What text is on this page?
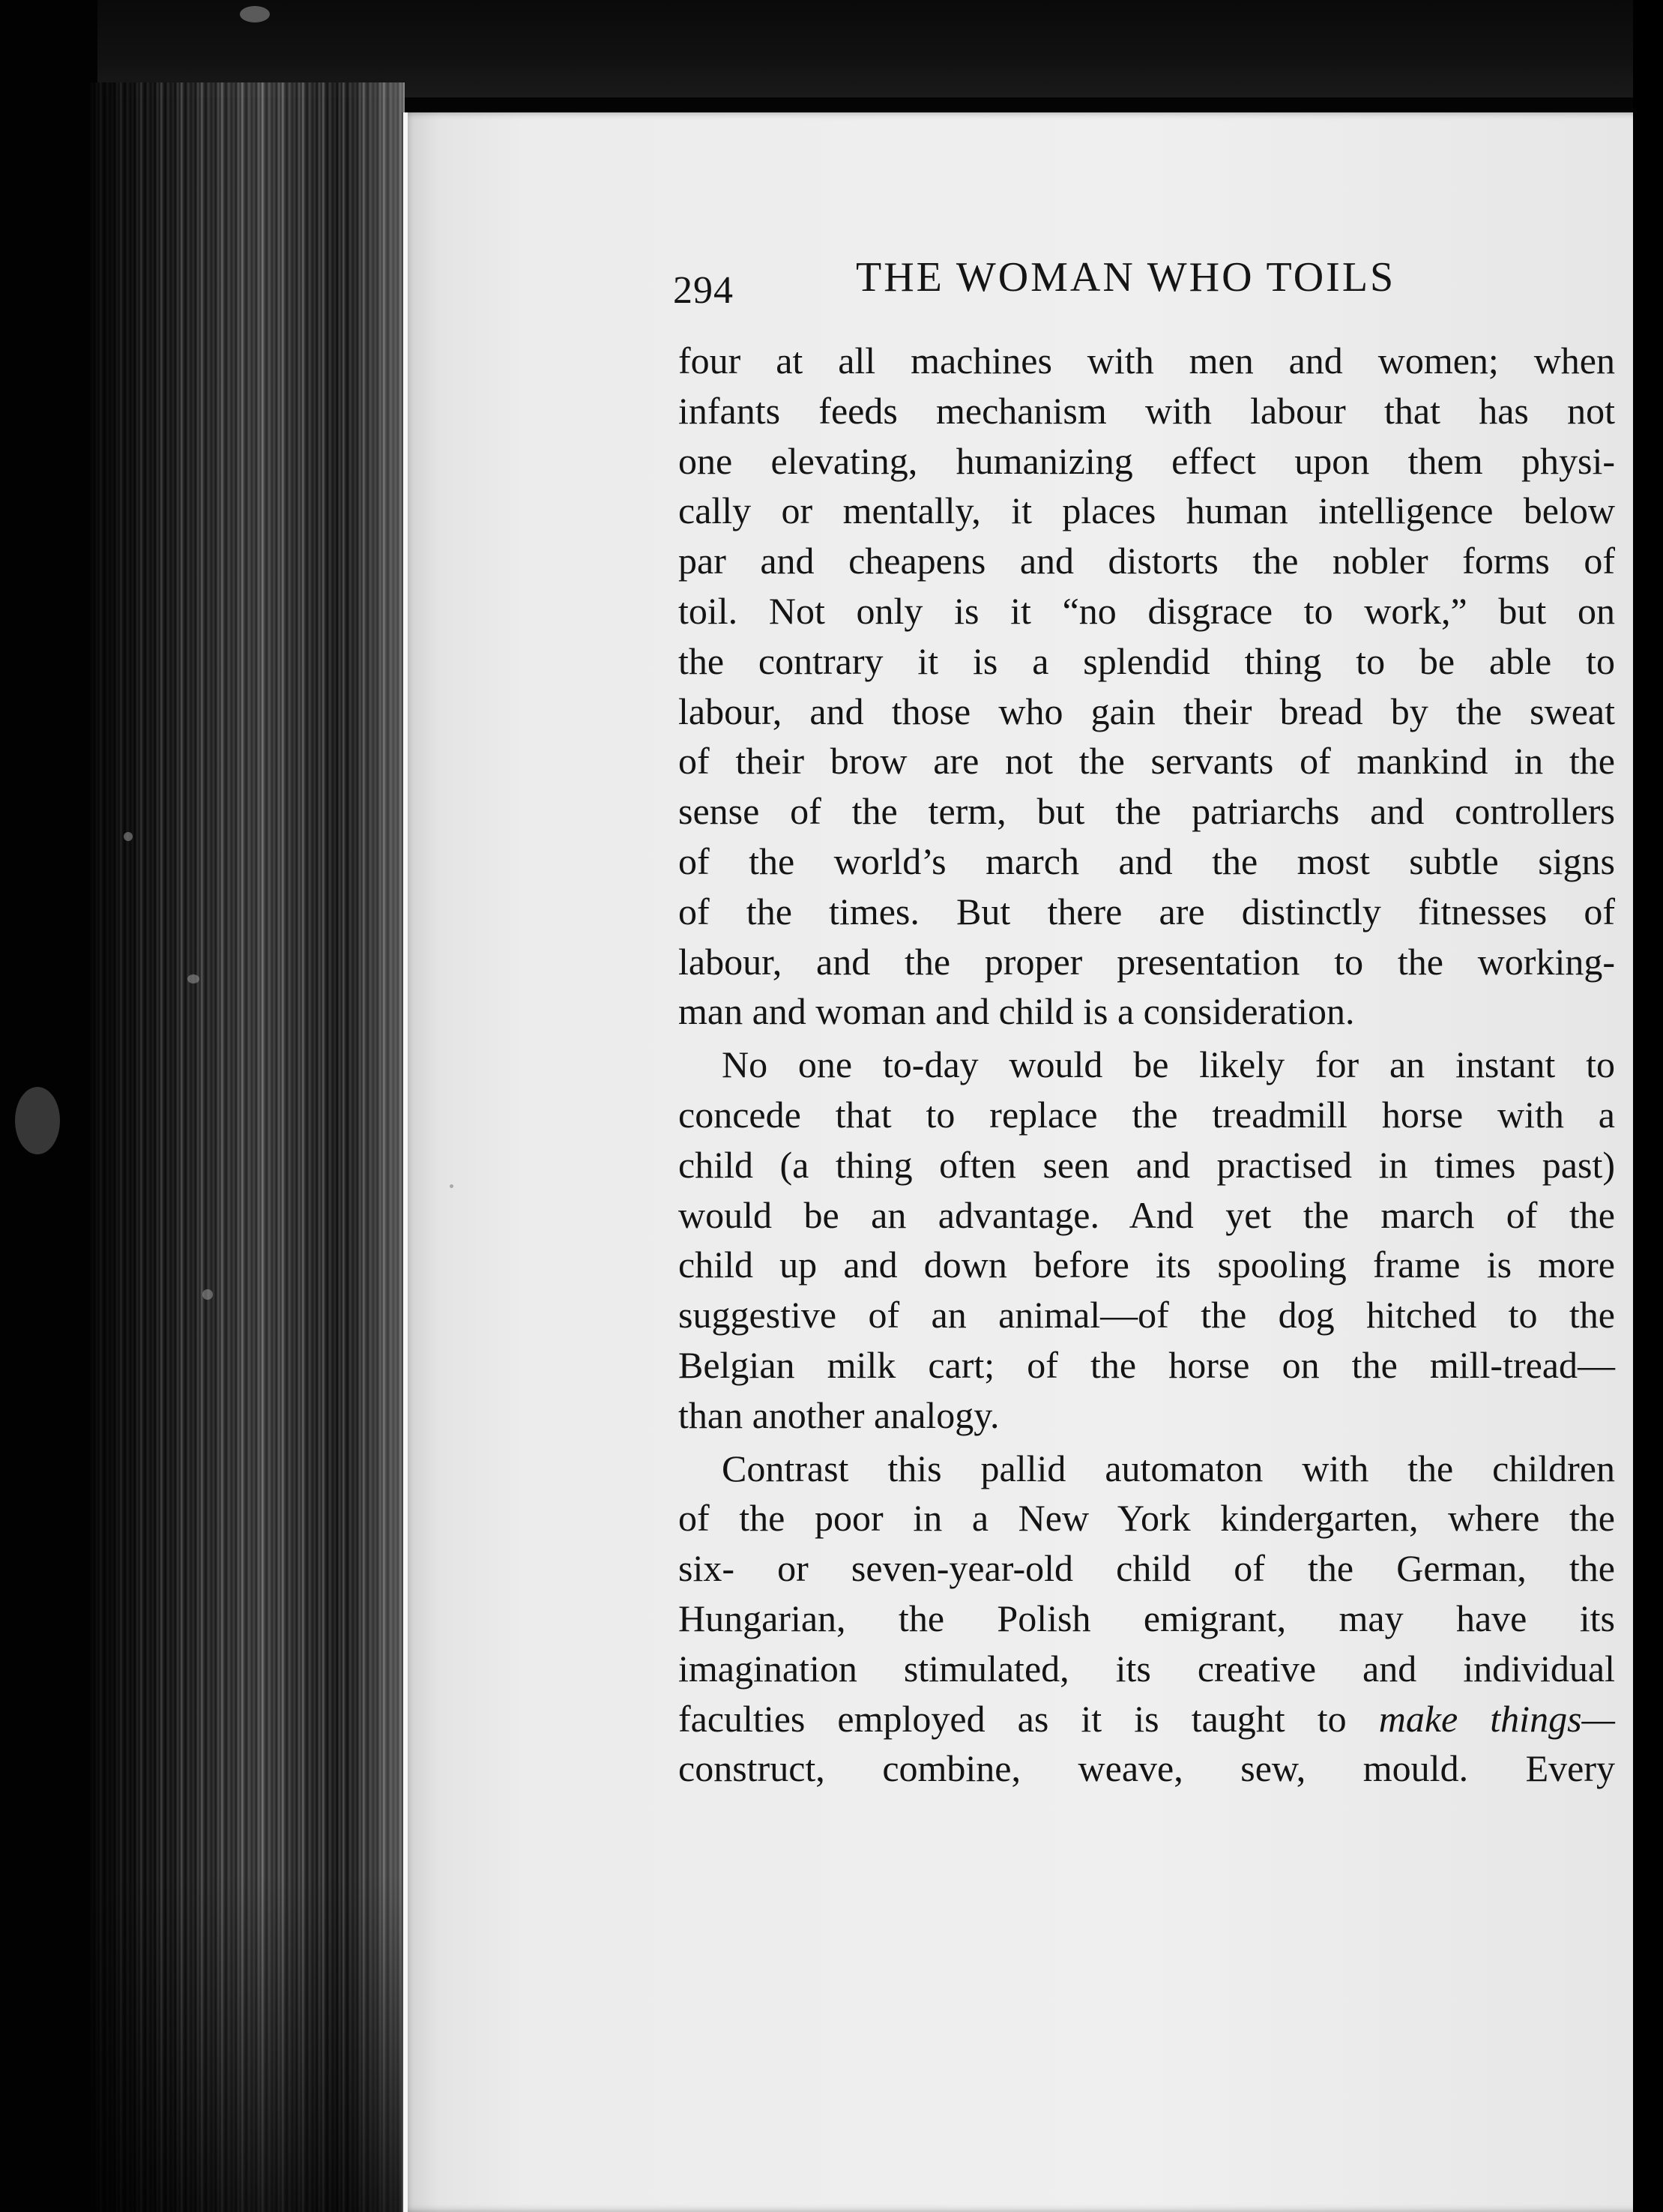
294	THE WOMAN WHO TOILS
four at all machines with men and women; when
infants feeds mechanism with labour that has not
one elevating, humanizing effect upon them physi-
cally or mentally, it places human intelligence below
par and cheapens and distorts the nobler forms of
toil. Not only is it “no disgrace to work,” but on
the contrary it is a splendid thing to be able to
labour, and those who gain their bread by the sweat
of their brow are not the servants of mankind in the
sense of the term, but the patriarchs and controllers
of the world’s march and the most subtle signs
of the times. But there are distinctly fitnesses of
labour, and the proper presentation to the working-
man and woman and child is a consideration.
No one to-day would be likely for an instant to
concede that to replace the treadmill horse with a
child (a thing often seen and practised in times past)
would be an advantage. And yet the march of the
child up and down before its spooling frame is more
suggestive of an animal—of the dog hitched to the
Belgian milk cart; of the horse on the mill-tread—
than another analogy.
Contrast this pallid automaton with the children
of the poor in a New York kindergarten, where the
six- or seven-year-old child of the German, the
Hungarian, the Polish emigrant, may have its
imagination stimulated, its creative and individual
faculties employed as it is taught to make things—
construct, combine, weave, sew, mould. Every
